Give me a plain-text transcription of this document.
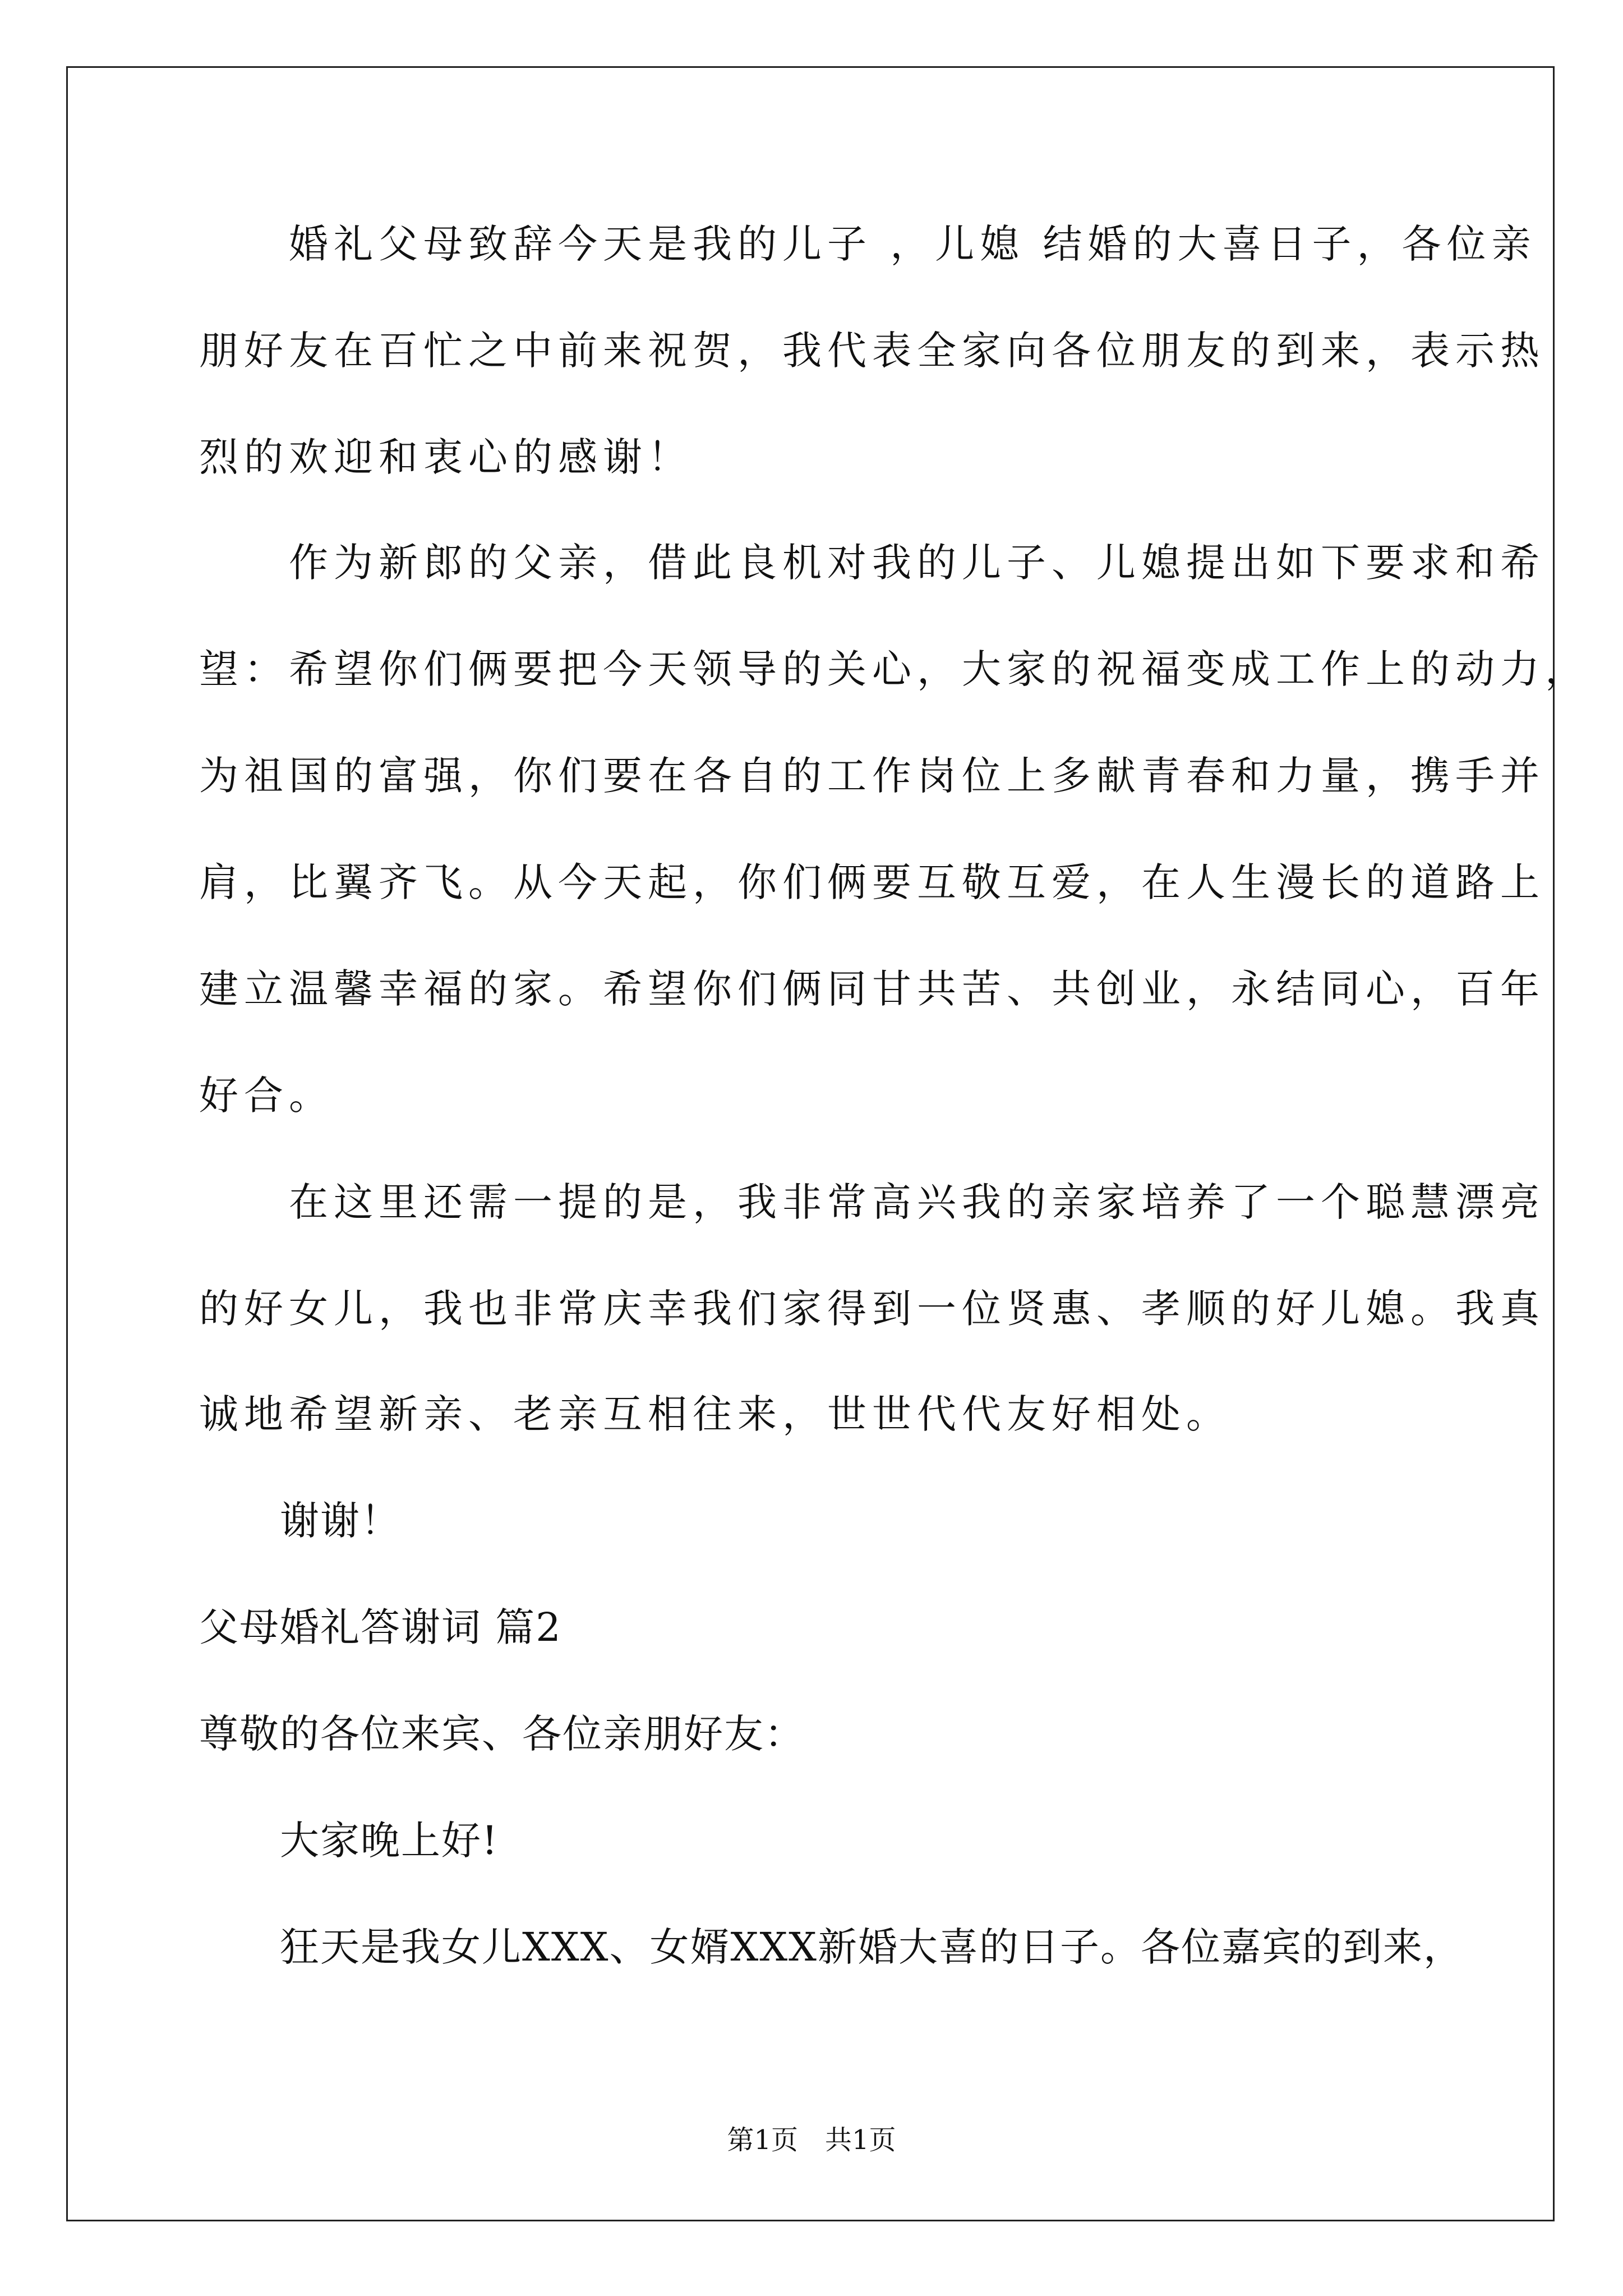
　　婚礼父母致辞今天是我的儿子 ，儿媳 结婚的大喜日子，各位亲
朋好友在百忙之中前来祝贺，我代表全家向各位朋友的到来，表示热
烈的欢迎和衷心的感谢！
　　作为新郎的父亲，借此良机对我的儿子、儿媳提出如下要求和希
望：希望你们俩要把今天领导的关心，大家的祝福变成工作上的动力，
为祖国的富强，你们要在各自的工作岗位上多献青春和力量，携手并
肩，比翼齐飞。从今天起，你们俩要互敬互爱，在人生漫长的道路上
建立温馨幸福的家。希望你们俩同甘共苦、共创业，永结同心，百年
好合。
　　在这里还需一提的是，我非常高兴我的亲家培养了一个聪慧漂亮
的好女儿，我也非常庆幸我们家得到一位贤惠、孝顺的好儿媳。我真
诚地希望新亲、老亲互相往来，世世代代友好相处。
　　谢谢！
父母婚礼答谢词 篇2
尊敬的各位来宾、各位亲朋好友：
　　大家晚上好!
　　狂天是我女儿XXX、女婿XXX新婚大喜的日子。各位嘉宾的到来，
第1页　共1页
